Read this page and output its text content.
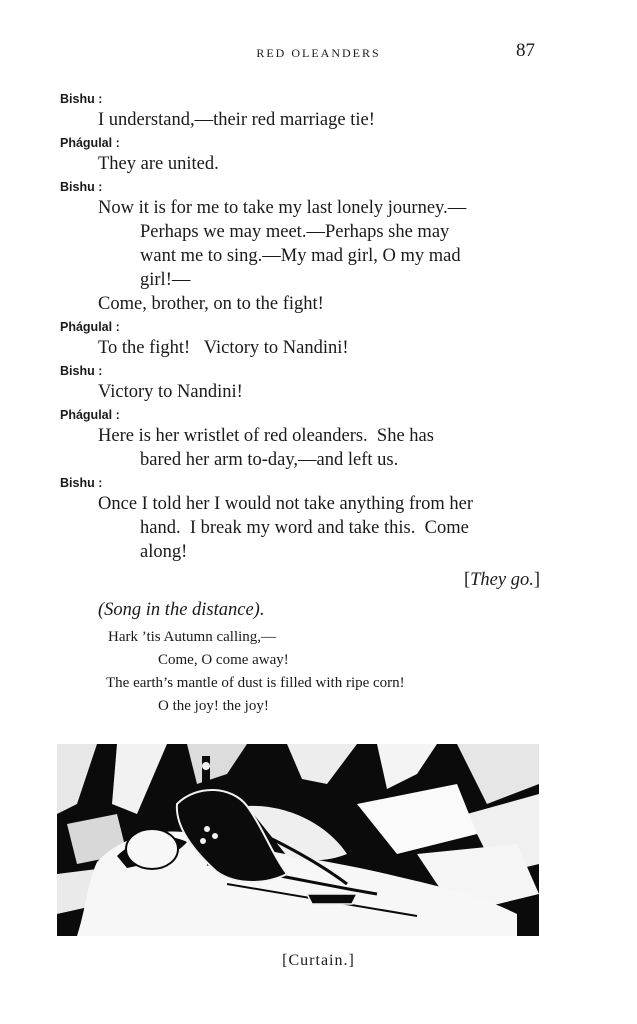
RED OLEANDERS	87

Bishu :

I understand,—their red marriage tie!

Phágulal :

They are united.

Bishu :

Now it is for me to take my last lonely journey.—
Perhaps we may meet.—Perhaps she may
want me to sing.—My mad girl, O my mad
girl!—
Come, brother, on to the fight!

Phágulal :

To the fight!   Victory to Nandini!

Bishu :

Victory to Nandini!

Phágulal :

Here is her wristlet of red oleanders.  She has
bared her arm to-day,—and left us.

Bishu :

Once I told her I would not take anything from her
hand.  I break my word and take this.  Come
along!

[They go.]

(Song in the distance).

Hark ’tis Autumn calling,—

Come, O come away!

The earth’s mantle of dust is filled with ripe corn!

O the joy! the joy!

[Curtain.]
